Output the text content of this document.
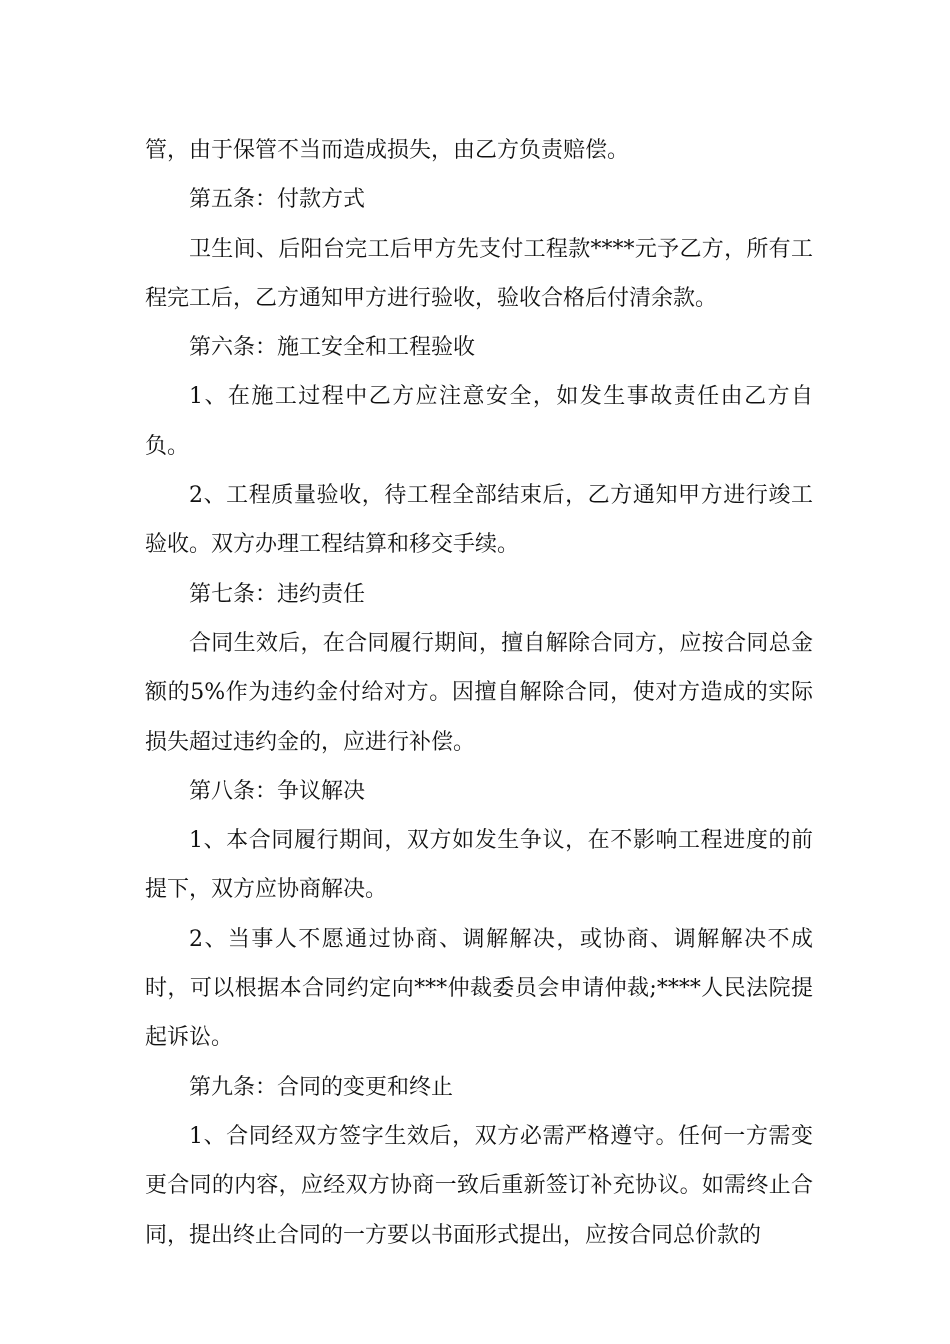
管，由于保管不当而造成损失，由乙方负责赔偿。

第五条：付款方式

卫生间、后阳台完工后甲方先支付工程款****元予乙方，所有工程完工后，乙方通知甲方进行验收，验收合格后付清余款。

第六条：施工安全和工程验收

1、在施工过程中乙方应注意安全，如发生事故责任由乙方自负。

2、工程质量验收，待工程全部结束后，乙方通知甲方进行竣工验收。双方办理工程结算和移交手续。

第七条：违约责任

合同生效后，在合同履行期间，擅自解除合同方，应按合同总金额的5%作为违约金付给对方。因擅自解除合同，使对方造成的实际损失超过违约金的，应进行补偿。

第八条：争议解决

1、本合同履行期间，双方如发生争议，在不影响工程进度的前提下，双方应协商解决。

2、当事人不愿通过协商、调解解决，或协商、调解解决不成时，可以根据本合同约定向***仲裁委员会申请仲裁;****人民法院提起诉讼。

第九条：合同的变更和终止

1、合同经双方签字生效后，双方必需严格遵守。任何一方需变更合同的内容，应经双方协商一致后重新签订补充协议。如需终止合同，提出终止合同的一方要以书面形式提出，应按合同总价款的
